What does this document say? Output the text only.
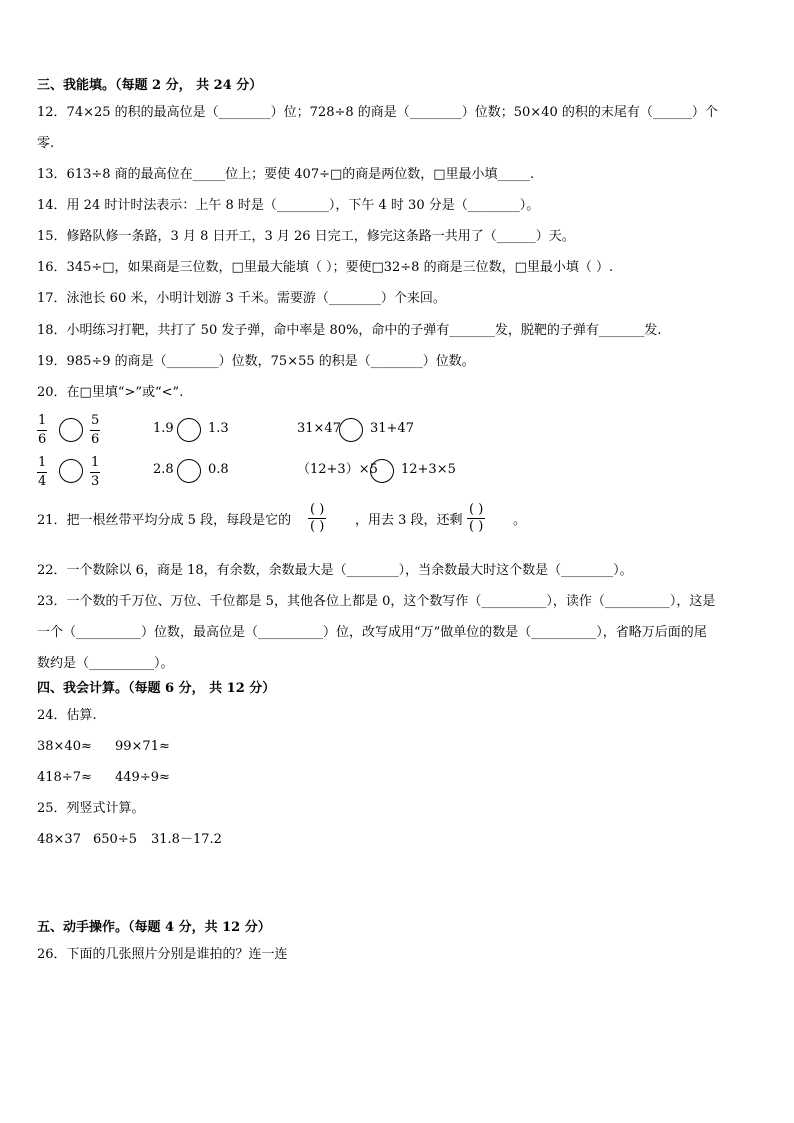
三、我能填。（每题 2 分， 共 24 分）
12．74×25 的积的最高位是（________）位；728÷8 的商是（________）位数；50×40 的积的末尾有（______）个
零.
13．613÷8 商的最高位在_____位上；要使 407÷□的商是两位数，□里最小填_____.
14．用 24 时计时法表示：上午 8 时是（________），下午 4 时 30 分是（________）。
15．修路队修一条路，3 月 8 日开工，3 月 26 日完工，修完这条路一共用了（______）天。
16．345÷□，如果商是三位数，□里最大能填（ ）；要使□32÷8 的商是三位数，□里最小填（ ）.
17．泳池长 60 米，小明计划游 3 千米。需要游（________）个来回。
18．小明练习打靶，共打了 50 发子弹，命中率是 80%，命中的子弹有_______发，脱靶的子弹有_______发.
19．985÷9 的商是（________）位数，75×55 的积是（________）位数。
20．在□里填“>”或“<”.
$\frac{1}{6}$	$\frac{5}{6}$	1.9	1.3	31×47 31+47
$\frac{1}{4}$	$\frac{1}{3}$	2.8	0.8	（12+3）×5 12+3×5
21．把一根丝带平均分成 5 段，每段是它的
( )
( ) ，用去 3 段，还剩
( )
( ) 。
22．一个数除以 6，商是 18，有余数，余数最大是（________），当余数最大时这个数是（________）。
23．一个数的千万位、万位、千位都是 5，其他各位上都是 0，这个数写作（__________），读作（__________），这是
一个（__________）位数，最高位是（__________）位，改写成用“万”做单位的数是（__________），省略万后面的尾
数约是（__________）。
四、我会计算。（每题 6 分， 共 12 分）
24．估算.
38×40≈ 99×71≈
418÷7≈ 449÷9≈
25．列竖式计算。
48×37 650÷5 31.8－17.2
五、动手操作。（每题 4 分，共 12 分）
26．下面的几张照片分别是谁拍的？连一连
